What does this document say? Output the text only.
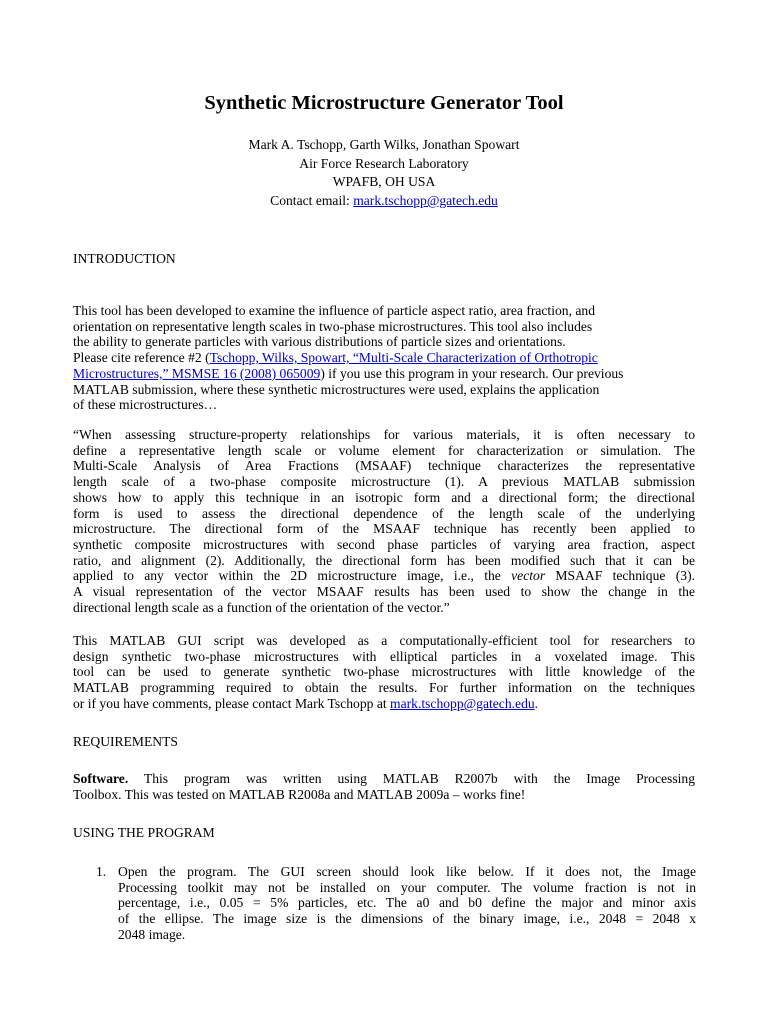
Synthetic Microstructure Generator Tool
Mark A. Tschopp, Garth Wilks, Jonathan Spowart
Air Force Research Laboratory
WPAFB, OH USA
Contact email: mark.tschopp@gatech.edu
INTRODUCTION
This tool has been developed to examine the influence of particle aspect ratio, area fraction, and
orientation on representative length scales in two-phase microstructures. This tool also includes
the ability to generate particles with various distributions of particle sizes and orientations.
Please cite reference #2 (Tschopp, Wilks, Spowart, “Multi-Scale Characterization of Orthotropic
Microstructures,” MSMSE 16 (2008) 065009) if you use this program in your research. Our previous
MATLAB submission, where these synthetic microstructures were used, explains the application
of these microstructures…
“When assessing structure-property relationships for various materials, it is often necessary to
define a representative length scale or volume element for characterization or simulation. The
Multi-Scale Analysis of Area Fractions (MSAAF) technique characterizes the representative
length scale of a two-phase composite microstructure (1). A previous MATLAB submission
shows how to apply this technique in an isotropic form and a directional form; the directional
form is used to assess the directional dependence of the length scale of the underlying
microstructure. The directional form of the MSAAF technique has recently been applied to
synthetic composite microstructures with second phase particles of varying area fraction, aspect
ratio, and alignment (2). Additionally, the directional form has been modified such that it can be
applied to any vector within the 2D microstructure image, i.e., the vector MSAAF technique (3).
A visual representation of the vector MSAAF results has been used to show the change in the
directional length scale as a function of the orientation of the vector.”
This MATLAB GUI script was developed as a computationally-efficient tool for researchers to
design synthetic two-phase microstructures with elliptical particles in a voxelated image. This
tool can be used to generate synthetic two-phase microstructures with little knowledge of the
MATLAB programming required to obtain the results. For further information on the techniques
or if you have comments, please contact Mark Tschopp at mark.tschopp@gatech.edu.
REQUIREMENTS
Software. This program was written using MATLAB R2007b with the Image Processing
Toolbox. This was tested on MATLAB R2008a and MATLAB 2009a – works fine!
USING THE PROGRAM
1. Open the program. The GUI screen should look like below. If it does not, the Image
Processing toolkit may not be installed on your computer. The volume fraction is not in
percentage, i.e., 0.05 = 5% particles, etc. The a0 and b0 define the major and minor axis
of the ellipse. The image size is the dimensions of the binary image, i.e., 2048 = 2048 x
2048 image.
